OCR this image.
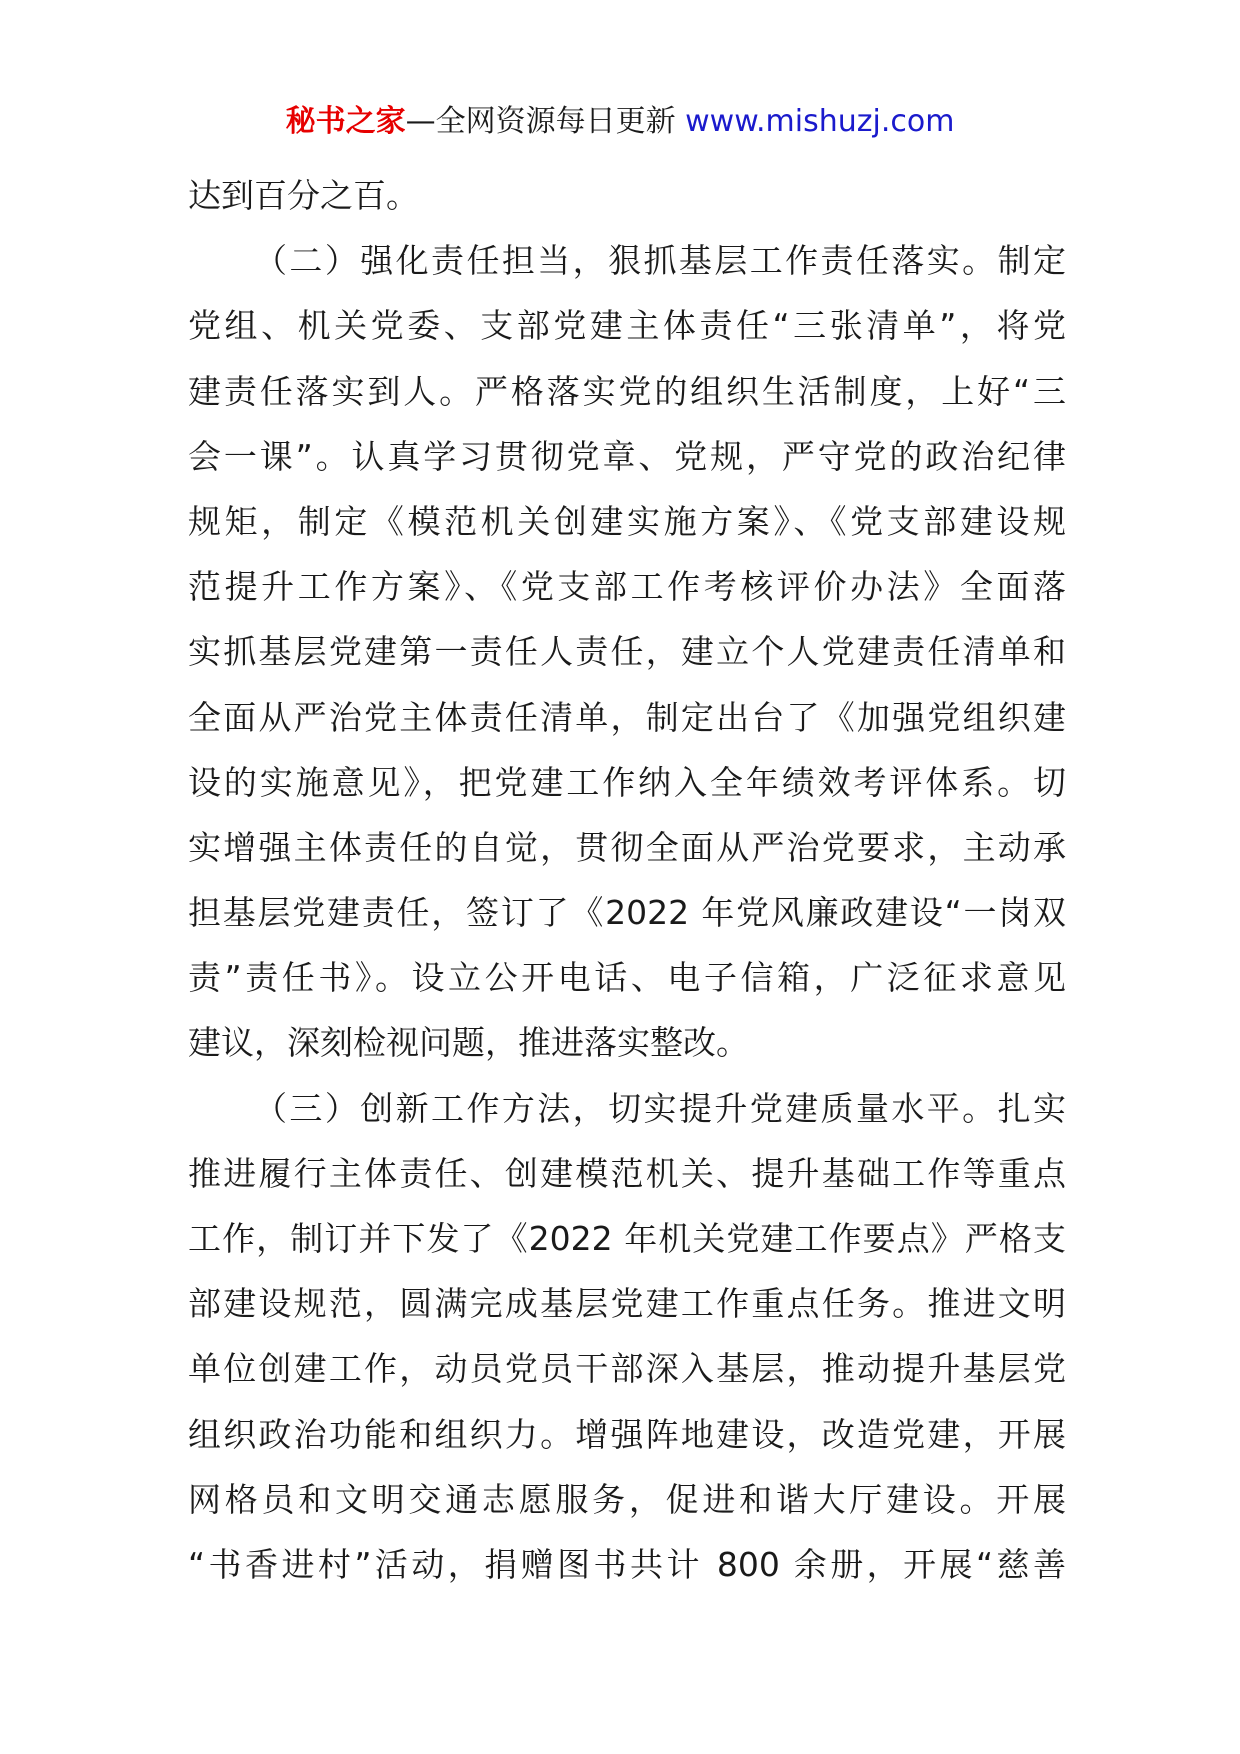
秘书之家—全网资源每日更新 www.mishuzj.com
达到百分之百。
（二）强化责任担当，狠抓基层工作责任落实。制定
党组、机关党委、支部党建主体责任“三张清单”，将党
建责任落实到人。严格落实党的组织生活制度，上好“三
会一课”。认真学习贯彻党章、党规，严守党的政治纪律
规矩，制定《模范机关创建实施方案》、《党支部建设规
范提升工作方案》、《党支部工作考核评价办法》全面落
实抓基层党建第一责任人责任，建立个人党建责任清单和
全面从严治党主体责任清单，制定出台了《加强党组织建
设的实施意见》，把党建工作纳入全年绩效考评体系。切
实增强主体责任的自觉，贯彻全面从严治党要求，主动承
担基层党建责任，签订了《2022 年党风廉政建设“一岗双
责”责任书》。设立公开电话、电子信箱，广泛征求意见
建议，深刻检视问题，推进落实整改。
（三）创新工作方法，切实提升党建质量水平。扎实
推进履行主体责任、创建模范机关、提升基础工作等重点
工作，制订并下发了《2022 年机关党建工作要点》严格支
部建设规范，圆满完成基层党建工作重点任务。推进文明
单位创建工作，动员党员干部深入基层，推动提升基层党
组织政治功能和组织力。增强阵地建设，改造党建，开展
网格员和文明交通志愿服务，促进和谐大厅建设。开展
“书香进村”活动，捐赠图书共计 800 余册，开展“慈善
